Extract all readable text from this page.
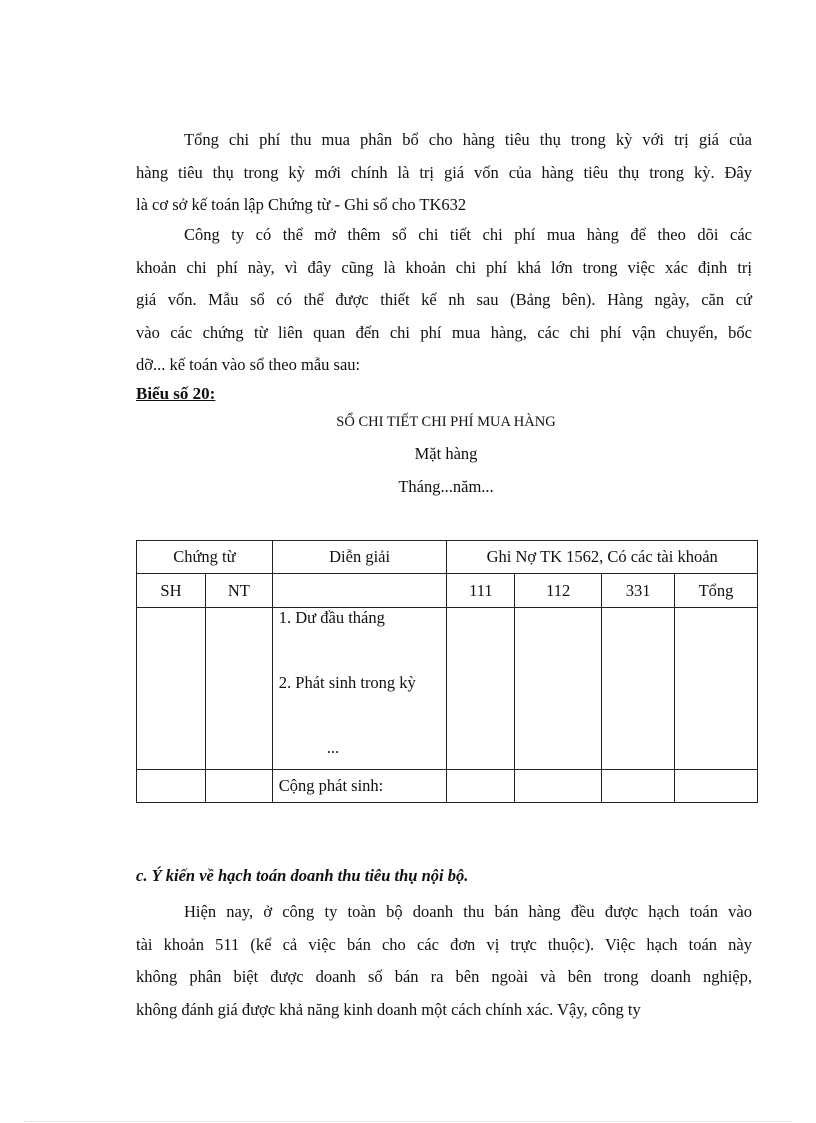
Tổng chi phí thu mua phân bổ cho hàng tiêu thụ trong kỳ với trị giá của
hàng tiêu thụ trong kỳ mới chính là trị giá vốn của hàng tiêu thụ trong kỳ. Đây
là cơ sở kế toán lập Chứng từ - Ghi sổ cho TK632
Công ty có thể mở thêm sổ chi tiết chi phí mua hàng để theo dõi các
khoản chi phí này, vì đây cũng là khoản chi phí khá lớn trong việc xác định trị
giá vốn. Mẫu sổ có thể được thiết kế nh sau (Bảng bên). Hàng ngày, căn cứ
vào các chứng từ liên quan đến chi phí mua hàng, các chi phí vận chuyển, bốc
dỡ... kế toán vào sổ theo mẫu sau:

Biểu số 20:

SỔ CHI TIẾT CHI PHÍ MUA HÀNG

Mặt hàng

Tháng...năm...

Chứng từ		Diễn giải	Ghi Nợ TK 1562, Có các tài khoản			
SH	NT		111	112	331	Tổng

		1. Dư đầu tháng
2. Phát sinh trong kỳ
...				

		Cộng phát sinh:				

c. Ý kiến về hạch toán doanh thu tiêu thụ nội bộ.

Hiện nay, ở công ty toàn bộ doanh thu bán hàng đều được hạch toán vào
tài khoản 511 (kể cả việc bán cho các đơn vị trực thuộc). Việc hạch toán này
không phân biệt được doanh số bán ra bên ngoài và bên trong doanh nghiệp,
không đánh giá được khả năng kinh doanh một cách chính xác. Vậy, công ty
